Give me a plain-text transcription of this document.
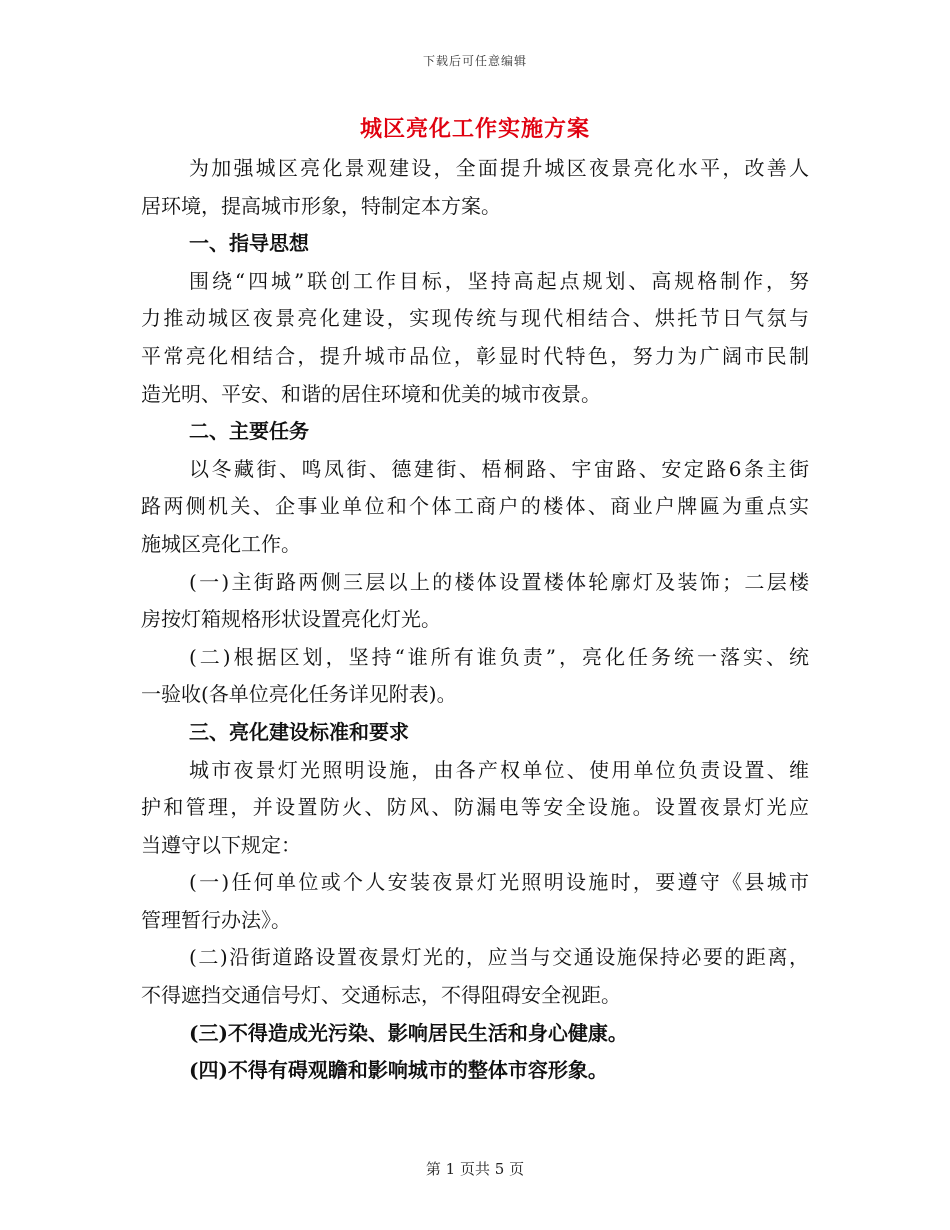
下载后可任意编辑
城区亮化工作实施方案
为加强城区亮化景观建设，全面提升城区夜景亮化水平，改善人
居环境，提高城市形象，特制定本方案。
一、指导思想
围绕“四城”联创工作目标，坚持高起点规划、高规格制作，努
力推动城区夜景亮化建设，实现传统与现代相结合、烘托节日气氛与
平常亮化相结合，提升城市品位，彰显时代特色，努力为广阔市民制
造光明、平安、和谐的居住环境和优美的城市夜景。
二、主要任务
以冬藏街、鸣凤街、德建街、梧桐路、宇宙路、安定路6条主街
路两侧机关、企事业单位和个体工商户的楼体、商业户牌匾为重点实
施城区亮化工作。
(一)主街路两侧三层以上的楼体设置楼体轮廓灯及装饰；二层楼
房按灯箱规格形状设置亮化灯光。
(二)根据区划，坚持“谁所有谁负责”，亮化任务统一落实、统
一验收(各单位亮化任务详见附表)。
三、亮化建设标准和要求
城市夜景灯光照明设施，由各产权单位、使用单位负责设置、维
护和管理，并设置防火、防风、防漏电等安全设施。设置夜景灯光应
当遵守以下规定：
(一)任何单位或个人安装夜景灯光照明设施时，要遵守《县城市
管理暂行办法》。
(二)沿街道路设置夜景灯光的，应当与交通设施保持必要的距离，
不得遮挡交通信号灯、交通标志，不得阻碍安全视距。
(三)不得造成光污染、影响居民生活和身心健康。
(四)不得有碍观瞻和影响城市的整体市容形象。
第 1 页共 5 页
